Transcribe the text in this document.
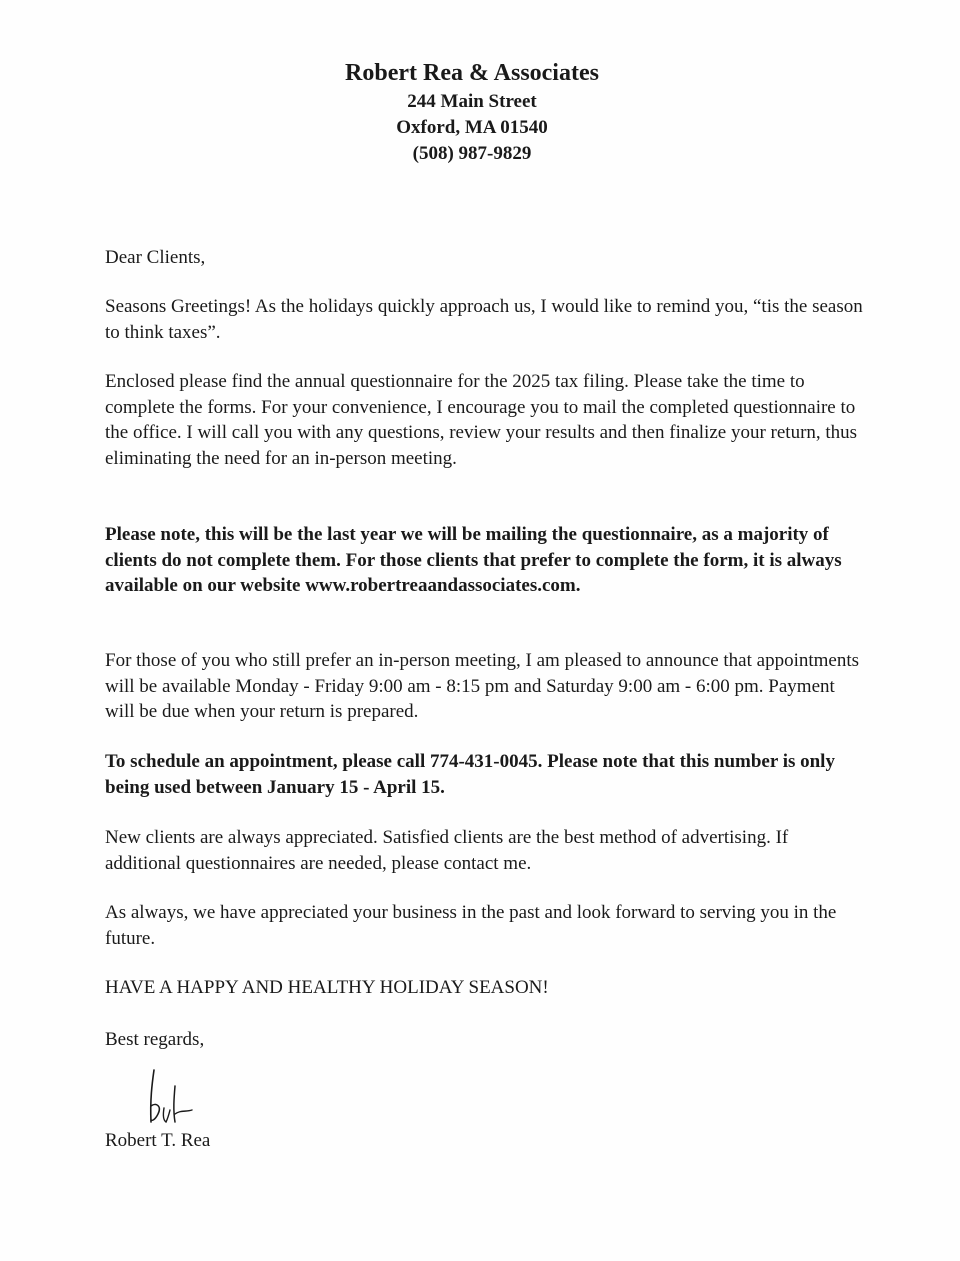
Robert Rea & Associates
244 Main Street
Oxford, MA 01540
(508) 987-9829

Dear Clients,

Seasons Greetings! As the holidays quickly approach us, I would like to remind you, “tis the season to think taxes”.

Enclosed please find the annual questionnaire for the 2025 tax filing. Please take the time to complete the forms. For your convenience, I encourage you to mail the completed questionnaire to the office. I will call you with any questions, review your results and then finalize your return, thus eliminating the need for an in-person meeting.

Please note, this will be the last year we will be mailing the questionnaire, as a majority of clients do not complete them. For those clients that prefer to complete the form, it is always available on our website www.robertreaandassociates.com.

For those of you who still prefer an in-person meeting, I am pleased to announce that appointments will be available Monday - Friday 9:00 am - 8:15 pm and Saturday 9:00 am - 6:00 pm. Payment will be due when your return is prepared.

To schedule an appointment, please call 774-431-0045. Please note that this number is only being used between January 15 - April 15.

New clients are always appreciated. Satisfied clients are the best method of advertising. If additional questionnaires are needed, please contact me.

As always, we have appreciated your business in the past and look forward to serving you in the future.

HAVE A HAPPY AND HEALTHY HOLIDAY SEASON!

Best regards,

Robert T. Rea
